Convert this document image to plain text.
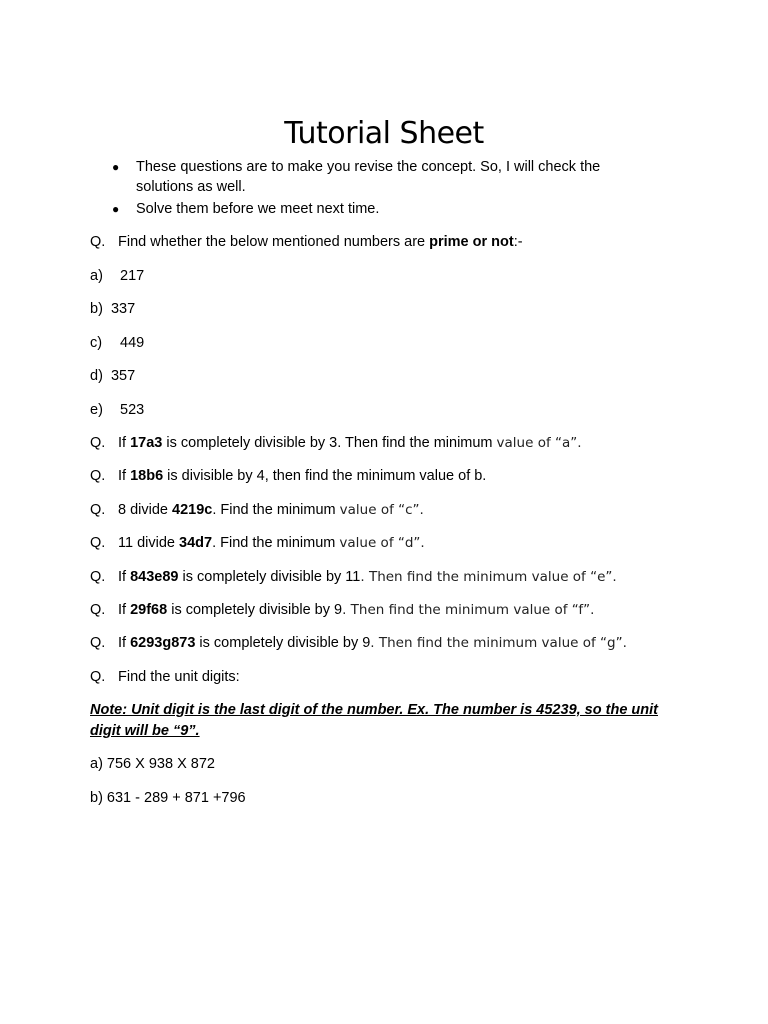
Tutorial Sheet
●	These questions are to make you revise the concept. So, I will check the solutions as well.
●	Solve them before we meet next time.
Q. Find whether the below mentioned numbers are prime or not:-
a) 217
b) 337
c) 449
d) 357
e) 523
Q. If 17a3 is completely divisible by 3. Then find the minimum value of “a”.
Q. If 18b6 is divisible by 4, then find the minimum value of b.
Q. 8 divide 4219c. Find the minimum value of “c”.
Q. 11 divide 34d7. Find the minimum value of “d”.
Q. If 843e89 is completely divisible by 11. Then find the minimum value of “e”.
Q. If 29f68 is completely divisible by 9. Then find the minimum value of “f”.
Q. If 6293g873 is completely divisible by 9. Then find the minimum value of “g”.
Q. Find the unit digits:
Note: Unit digit is the last digit of the number. Ex. The number is 45239, so the unit digit will be “9”.
a) 756 X 938 X 872
b) 631 - 289 + 871 +796
